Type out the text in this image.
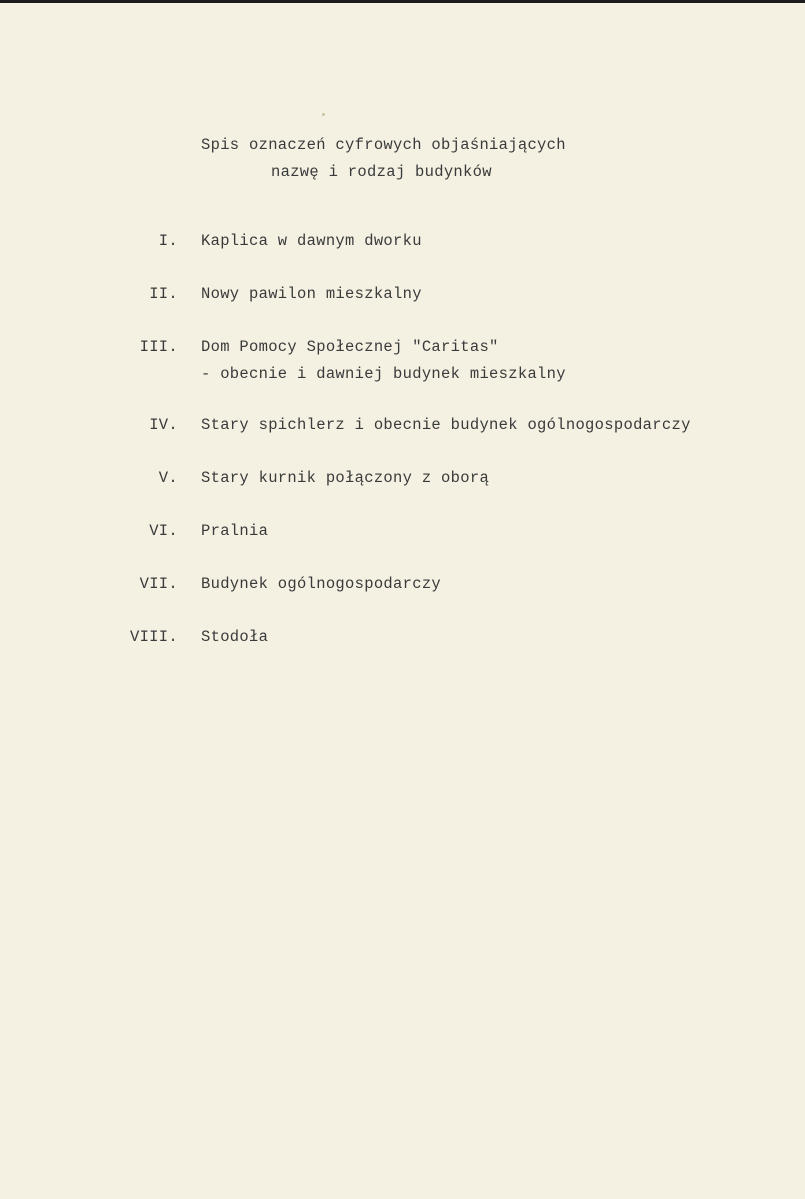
Spis oznaczeń cyfrowych objaśniających
nazwę i rodzaj budynków
I. Kaplica w dawnym dworku
II. Nowy pawilon mieszkalny
III. Dom Pomocy Społecznej "Caritas"
- obecnie i dawniej budynek mieszkalny
IV. Stary spichlerz i obecnie budynek ogólnogospodarczy
V. Stary kurnik połączony z oborą
VI. Pralnia
VII. Budynek ogólnogospodarczy
VIII. Stodoła
